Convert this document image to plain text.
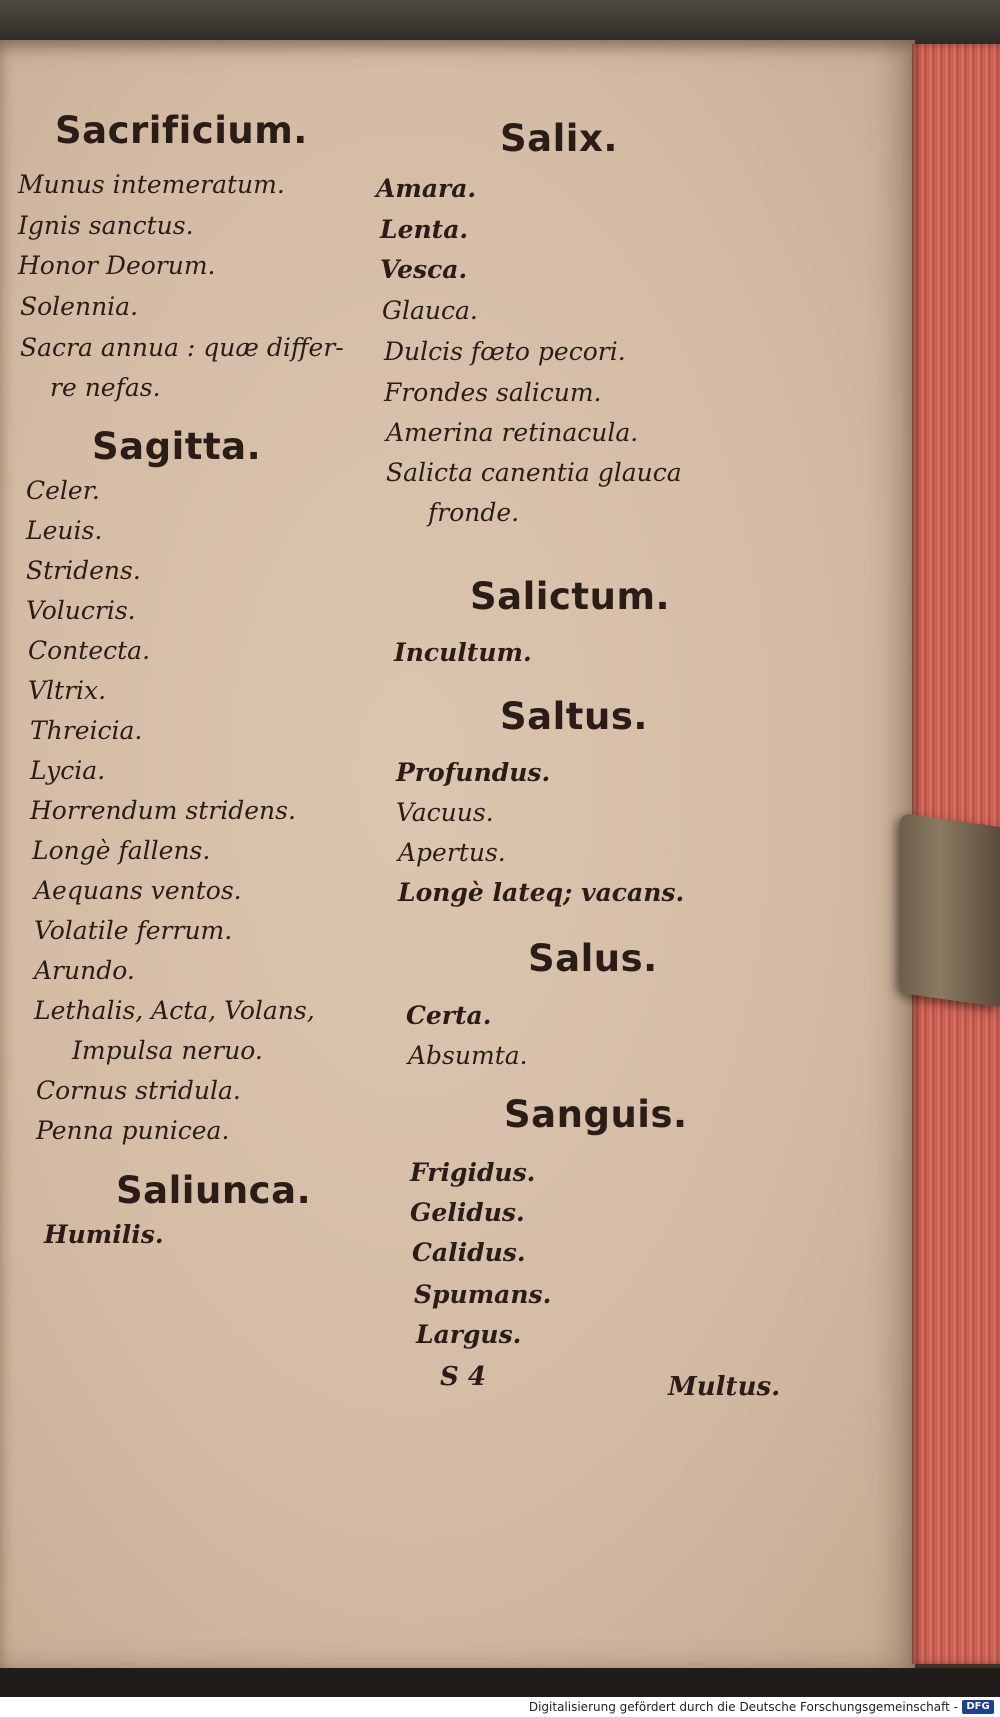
Sacrificium.
Munus intemeratum.
Ignis sanctus.
Honor Deorum.
Solennia.
Sacra annua : quæ differ-
re nefas.
Sagitta.
Celer.
Leuis.
Stridens.
Volucris.
Contecta.
Vltrix.
Threicia.
Lycia.
Horrendum stridens.
Longè fallens.
Aequans ventos.
Volatile ferrum.
Arundo.
Lethalis, Acta, Volans,
Impulsa neruo.
Cornus stridula.
Penna punicea.
Saliunca.
Humilis.
Salix.
Amara.
Lenta.
Vesca.
Glauca.
Dulcis fœto pecori.
Frondes salicum.
Amerina retinacula.
Salicta canentia glauca
fronde.
Salictum.
Incultum.
Saltus.
Profundus.
Vacuus.
Apertus.
Longè lateq; vacans.
Salus.
Certa.
Absumta.
Sanguis.
Frigidus.
Gelidus.
Calidus.
Spumans.
Largus.
S 4	Multus.
Digitalisierung gefördert durch die Deutsche Forschungsgemeinschaft - DFG
